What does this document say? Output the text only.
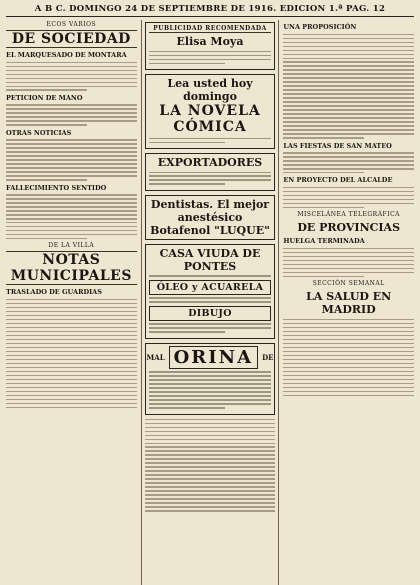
A B C. DOMINGO 24 DE SEPTIEMBRE DE 1916. EDICION 1.ª PAG. 12
ECOS VARIOS
DE SOCIEDAD
EL MARQUESADO DE MONTARA
PETICION DE MANO
OTRAS NOTICIAS
FALLECIMIENTO SENTIDO
DE LA VILLA
NOTAS MUNICIPALES
TRASLADO DE GUARDIAS
PUBLICIDAD RECOMENDADA
Elisa Moya
Lea usted hoy domingo
LA NOVELA CÓMICA
EXPORTADORES
Dentistas. El mejor anestésico Botafenol "LUQUE"
CASA VIUDA DE PONTES
ÓLEO y ACUARELA
DIBUJO
MAL ORINA	DE
UNA PROPOSICIÓN
LAS FIESTAS DE SAN MATEO
EN PROYECTO DEL ALCALDE
MISCELÁNEA TELEGRÁFICA
DE PROVINCIAS
HUELGA TERMINADA
SECCIÓN SEMANAL
LA SALUD EN MADRID
